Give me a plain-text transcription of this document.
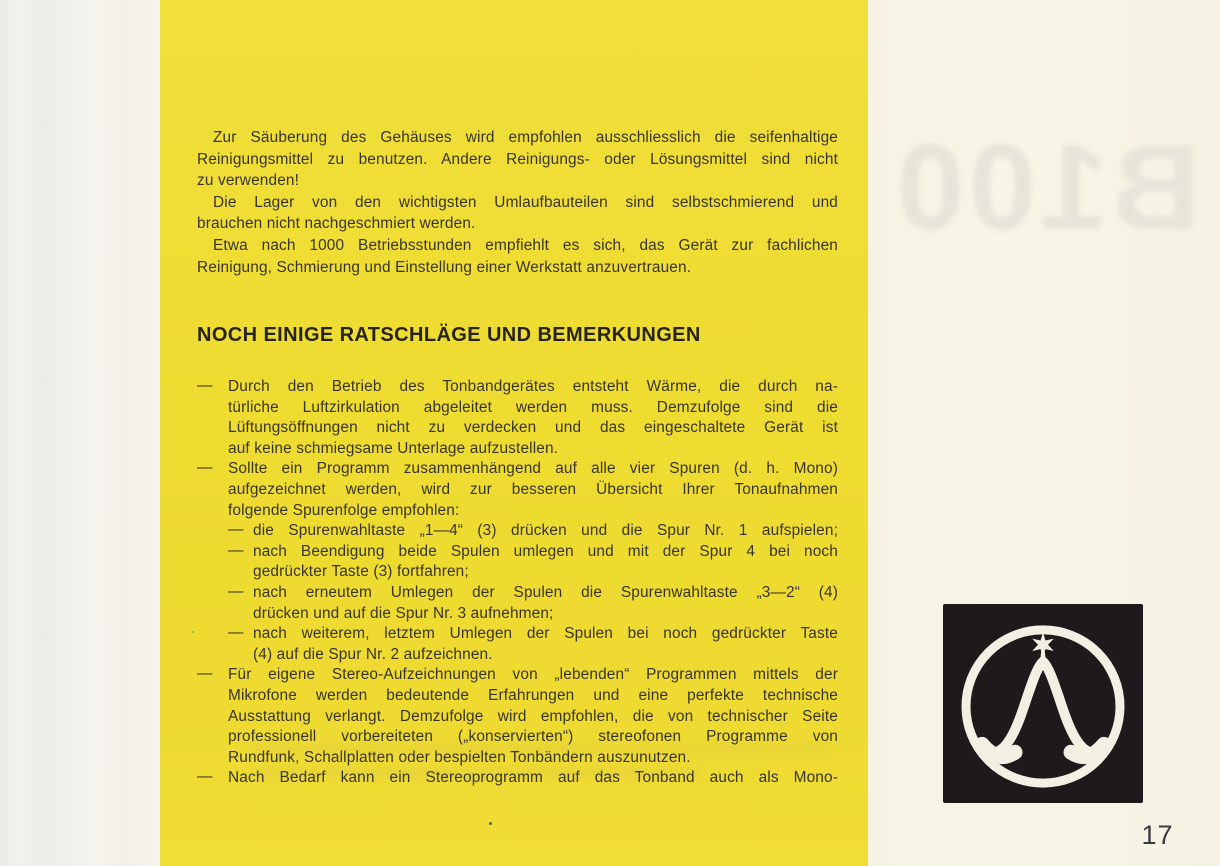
B100
Zur Säuberung des Gehäuses wird empfohlen ausschliesslich die seifenhaltige
Reinigungsmittel zu benutzen. Andere Reinigungs- oder Lösungsmittel sind nicht
zu verwenden!
Die Lager von den wichtigsten Umlaufbauteilen sind selbstschmierend und
brauchen nicht nachgeschmiert werden.
Etwa nach 1000 Betriebsstunden empfiehlt es sich, das Gerät zur fachlichen
Reinigung, Schmierung und Einstellung einer Werkstatt anzuvertrauen.
NOCH EINIGE RATSCHLÄGE UND BEMERKUNGEN
—	Durch den Betrieb des Tonbandgerätes entsteht Wärme, die durch na-
türliche Luftzirkulation abgeleitet werden muss. Demzufolge sind die
Lüftungsöffnungen nicht zu verdecken und das eingeschaltete Gerät ist
auf keine schmiegsame Unterlage aufzustellen.
—	Sollte ein Programm zusammenhängend auf alle vier Spuren (d. h. Mono)
aufgezeichnet werden, wird zur besseren Übersicht Ihrer Tonaufnahmen
folgende Spurenfolge empfohlen:
— die Spurenwahltaste „1—4“ (3) drücken und die Spur Nr. 1 aufspielen;
— nach Beendigung beide Spulen umlegen und mit der Spur 4 bei noch
gedrückter Taste (3) fortfahren;
— nach erneutem Umlegen der Spulen die Spurenwahltaste „3—2“ (4)
drücken und auf die Spur Nr. 3 aufnehmen;
— nach weiterem, letztem Umlegen der Spulen bei noch gedrückter Taste
(4) auf die Spur Nr. 2 aufzeichnen.
—	Für eigene Stereo-Aufzeichnungen von „lebenden“ Programmen mittels der
Mikrofone werden bedeutende Erfahrungen und eine perfekte technische
Ausstattung verlangt. Demzufolge wird empfohlen, die von technischer Seite
professionell vorbereiteten („konservierten“) stereofonen Programme von
Rundfunk, Schallplatten oder bespielten Tonbändern auszunutzen.
—	Nach Bedarf kann ein Stereoprogramm auf das Tonband auch als Mono-
17
